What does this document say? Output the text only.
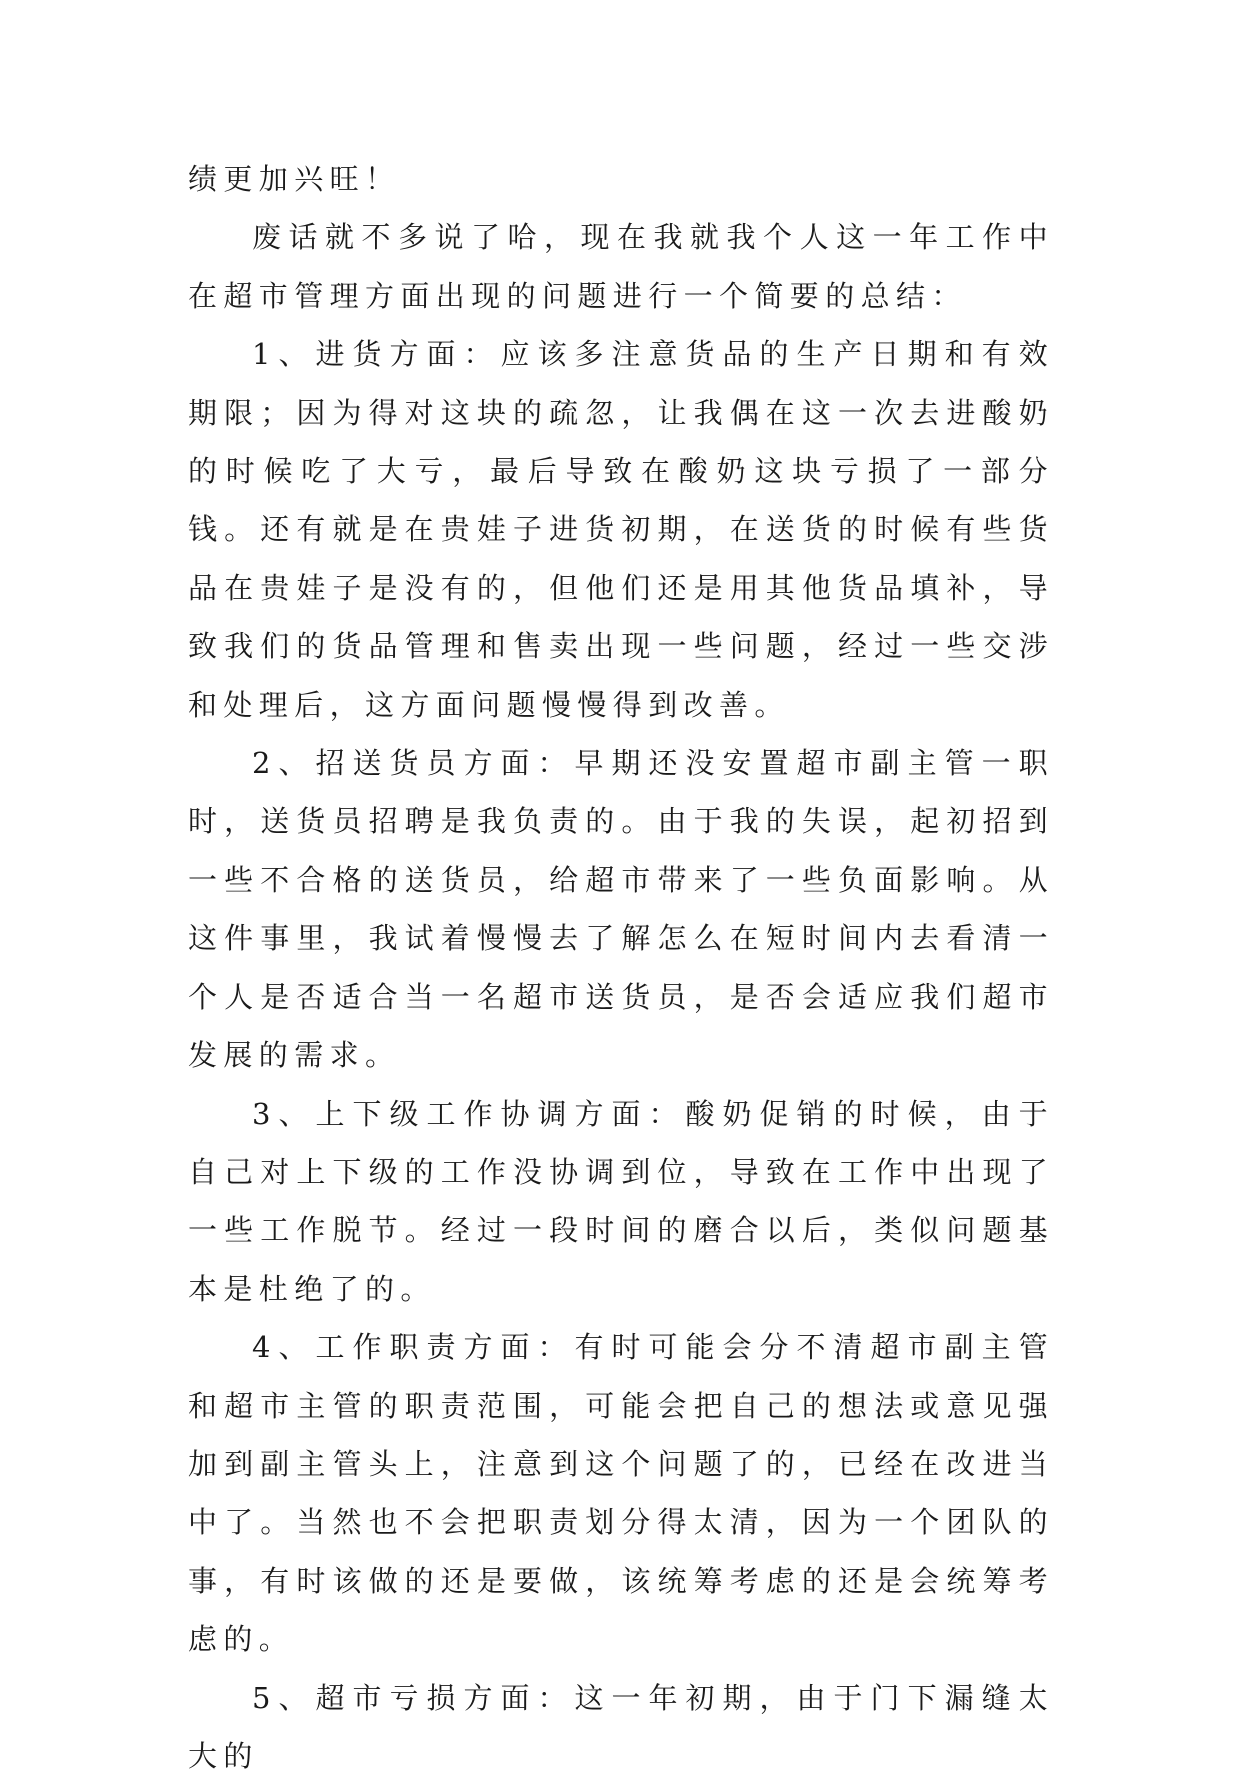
绩更加兴旺！

废话就不多说了哈，现在我就我个人这一年工作中在超市管理方面出现的问题进行一个简要的总结：

1、进货方面：应该多注意货品的生产日期和有效期限；因为得对这块的疏忽，让我偶在这一次去进酸奶的时候吃了大亏，最后导致在酸奶这块亏损了一部分钱。还有就是在贵娃子进货初期，在送货的时候有些货品在贵娃子是没有的，但他们还是用其他货品填补，导致我们的货品管理和售卖出现一些问题，经过一些交涉和处理后，这方面问题慢慢得到改善。

2、招送货员方面：早期还没安置超市副主管一职时，送货员招聘是我负责的。由于我的失误，起初招到一些不合格的送货员，给超市带来了一些负面影响。从这件事里，我试着慢慢去了解怎么在短时间内去看清一个人是否适合当一名超市送货员，是否会适应我们超市发展的需求。

3、上下级工作协调方面：酸奶促销的时候，由于自己对上下级的工作没协调到位，导致在工作中出现了一些工作脱节。经过一段时间的磨合以后，类似问题基本是杜绝了的。

4、工作职责方面：有时可能会分不清超市副主管和超市主管的职责范围，可能会把自己的想法或意见强加到副主管头上，注意到这个问题了的，已经在改进当中了。当然也不会把职责划分得太清，因为一个团队的事，有时该做的还是要做，该统筹考虑的还是会统筹考虑的。

5、超市亏损方面：这一年初期，由于门下漏缝太大的
